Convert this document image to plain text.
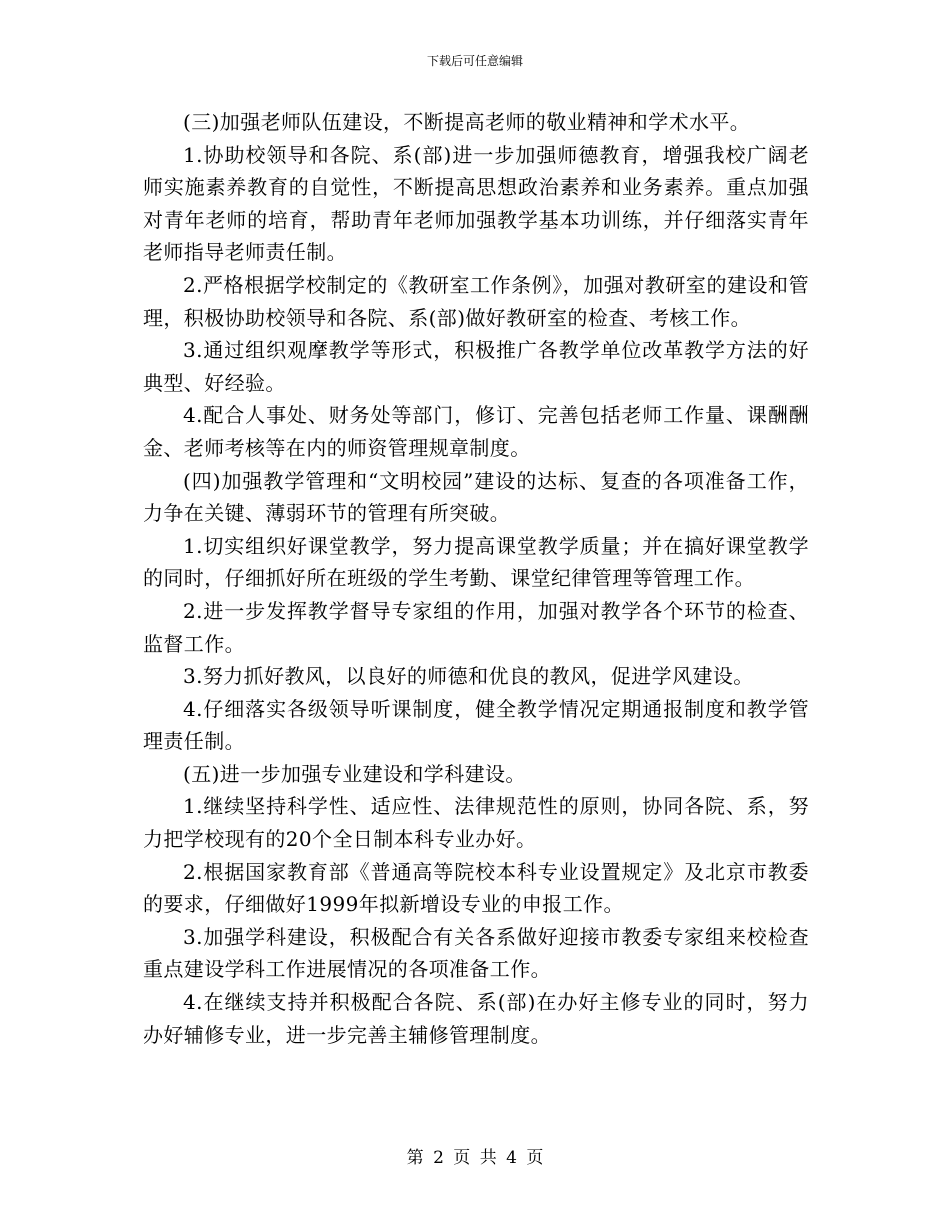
下载后可任意编辑

(三)加强老师队伍建设，不断提高老师的敬业精神和学术水平。

1.协助校领导和各院、系(部)进一步加强师德教育，增强我校广阔老师实施素养教育的自觉性，不断提高思想政治素养和业务素养。重点加强对青年老师的培育，帮助青年老师加强教学基本功训练，并仔细落实青年老师指导老师责任制。

2.严格根据学校制定的《教研室工作条例》，加强对教研室的建设和管理，积极协助校领导和各院、系(部)做好教研室的检查、考核工作。

3.通过组织观摩教学等形式，积极推广各教学单位改革教学方法的好典型、好经验。

4.配合人事处、财务处等部门，修订、完善包括老师工作量、课酬酬金、老师考核等在内的师资管理规章制度。

(四)加强教学管理和“文明校园”建设的达标、复查的各项准备工作，力争在关键、薄弱环节的管理有所突破。

1.切实组织好课堂教学，努力提高课堂教学质量；并在搞好课堂教学的同时，仔细抓好所在班级的学生考勤、课堂纪律管理等管理工作。

2.进一步发挥教学督导专家组的作用，加强对教学各个环节的检查、监督工作。

3.努力抓好教风，以良好的师德和优良的教风，促进学风建设。

4.仔细落实各级领导听课制度，健全教学情况定期通报制度和教学管理责任制。

(五)进一步加强专业建设和学科建设。

1.继续坚持科学性、适应性、法律规范性的原则，协同各院、系，努力把学校现有的20个全日制本科专业办好。

2.根据国家教育部《普通高等院校本科专业设置规定》及北京市教委的要求，仔细做好1999年拟新增设专业的申报工作。

3.加强学科建设，积极配合有关各系做好迎接市教委专家组来校检查重点建设学科工作进展情况的各项准备工作。

4.在继续支持并积极配合各院、系(部)在办好主修专业的同时，努力办好辅修专业，进一步完善主辅修管理制度。

第 2 页 共 4 页
